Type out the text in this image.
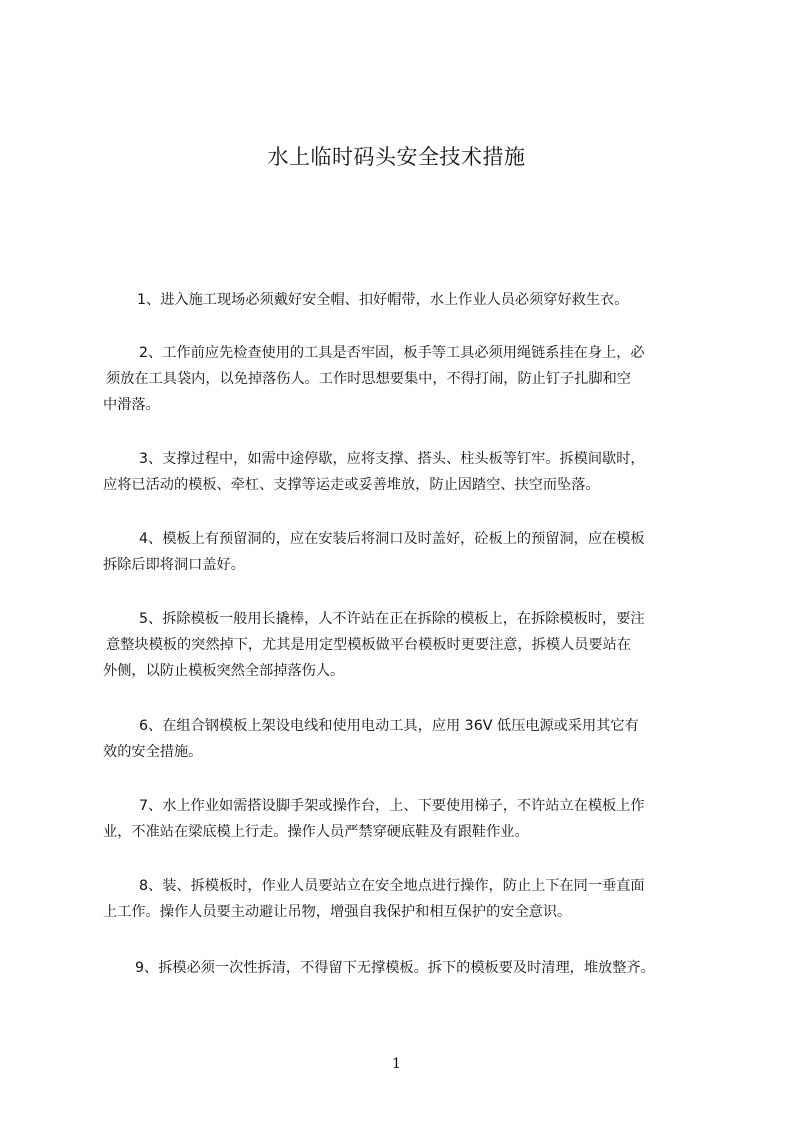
水上临时码头安全技术措施
1、进入施工现场必须戴好安全帽、扣好帽带，水上作业人员必须穿好救生衣。
2、工作前应先检查使用的工具是否牢固，板手等工具必须用绳链系挂在身上，必
须放在工具袋内，以免掉落伤人。工作时思想要集中，不得打闹，防止钉子扎脚和空
中滑落。
3、支撑过程中，如需中途停歇，应将支撑、搭头、柱头板等钉牢。拆模间歇时，
应将已活动的模板、牵杠、支撑等运走或妥善堆放，防止因踏空、扶空而坠落。
4、模板上有预留洞的，应在安装后将洞口及时盖好，砼板上的预留洞，应在模板
拆除后即将洞口盖好。
5、拆除模板一般用长撬棒，人不许站在正在拆除的模板上，在拆除模板时，要注
意整块模板的突然掉下，尤其是用定型模板做平台模板时更要注意，拆模人员要站在
外侧，以防止模板突然全部掉落伤人。
6、在组合钢模板上架设电线和使用电动工具，应用 36V 低压电源或采用其它有
效的安全措施。
7、水上作业如需搭设脚手架或操作台，上、下要使用梯子，不许站立在模板上作
业，不准站在梁底模上行走。操作人员严禁穿硬底鞋及有跟鞋作业。
8、装、拆模板时，作业人员要站立在安全地点进行操作，防止上下在同一垂直面
上工作。操作人员要主动避让吊物，增强自我保护和相互保护的安全意识。
9、拆模必须一次性拆清，不得留下无撑模板。拆下的模板要及时清理，堆放整齐。
1
